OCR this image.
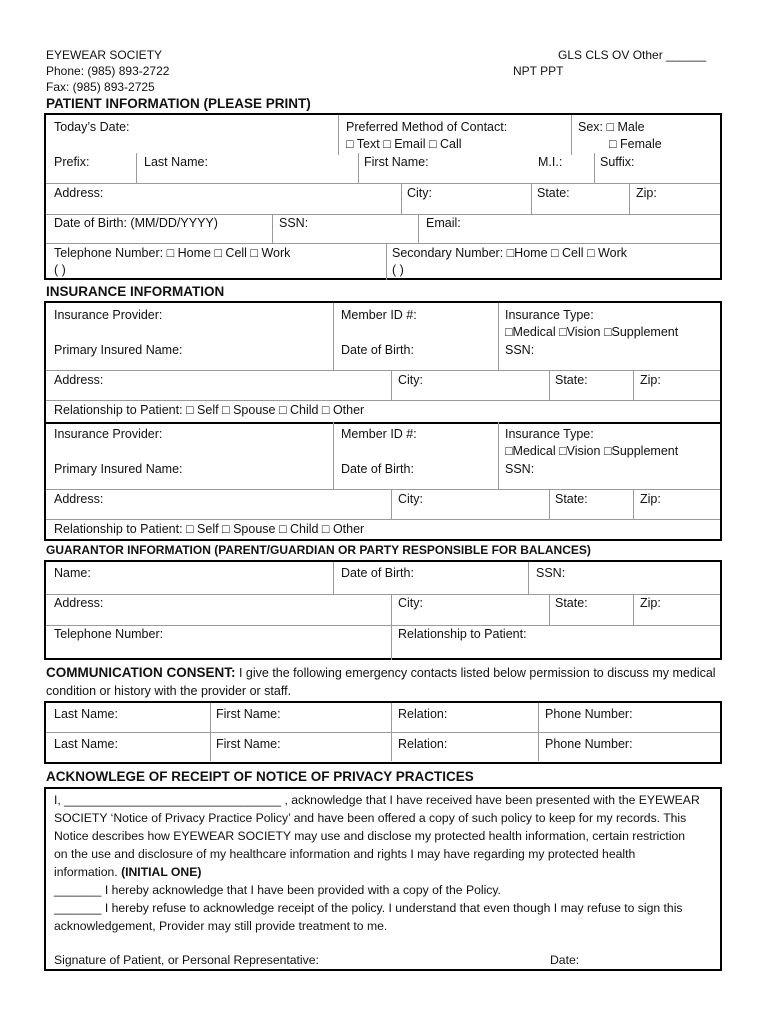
EYEWEAR SOCIETY
Phone: (985) 893-2722
Fax: (985) 893-2725
GLS CLS OV Other ______
NPT PPT
PATIENT INFORMATION (PLEASE PRINT)
Today’s Date:	Preferred Method of Contact:
□ Text □ Email □ Call
Sex: □ Male
□ Female
Prefix:	Last Name:	First Name:	M.I.:	Suffix:
Address:	City:	State:	Zip:
Date of Birth: (MM/DD/YYYY)	SSN:	Email:
Telephone Number: □ Home □ Cell □ Work
( )
Secondary Number: □Home □ Cell □ Work
( )
INSURANCE INFORMATION
Insurance Provider:	Member ID #:	Insurance Type:
□Medical □Vision □Supplement
Primary Insured Name:	Date of Birth:	SSN:
Address:	City:	State:	Zip:
Relationship to Patient: □ Self □ Spouse □ Child □ Other
Insurance Provider:	Member ID #:	Insurance Type:
□Medical □Vision □Supplement
Primary Insured Name:	Date of Birth:	SSN:
Address:	City:	State:	Zip:
Relationship to Patient: □ Self □ Spouse □ Child □ Other
GUARANTOR INFORMATION (PARENT/GUARDIAN OR PARTY RESPONSIBLE FOR BALANCES)
Name:	Date of Birth:	SSN:
Address:	City:	State:	Zip:
Telephone Number:	Relationship to Patient:
COMMUNICATION CONSENT: I give the following emergency contacts listed below permission to discuss my medical
condition or history with the provider or staff.
Last Name:	First Name:	Relation:	Phone Number:
Last Name:	First Name:	Relation:	Phone Number:
ACKNOWLEGE OF RECEIPT OF NOTICE OF PRIVACY PRACTICES
I, ________________________________ , acknowledge that I have received have been presented with the EYEWEAR
SOCIETY ‘Notice of Privacy Practice Policy’ and have been offered a copy of such policy to keep for my records. This
Notice describes how EYEWEAR SOCIETY may use and disclose my protected health information, certain restriction
on the use and disclosure of my healthcare information and rights I may have regarding my protected health
information. (INITIAL ONE)
_______ I hereby acknowledge that I have been provided with a copy of the Policy.
_______ I hereby refuse to acknowledge receipt of the policy. I understand that even though I may refuse to sign this
acknowledgement, Provider may still provide treatment to me.
Signature of Patient, or Personal Representative:	Date:
